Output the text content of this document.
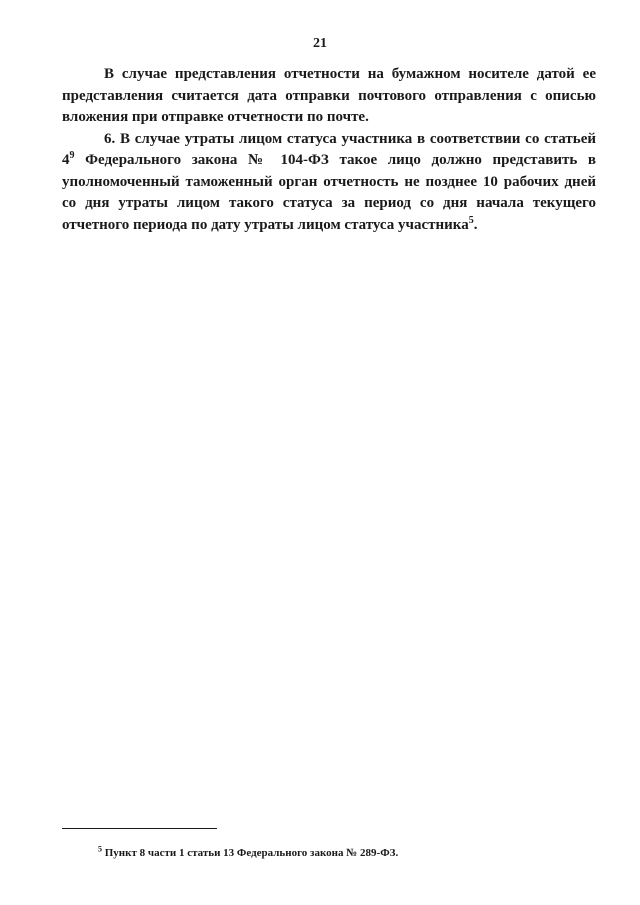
21

В случае представления отчетности на бумажном носителе датой ее представления считается дата отправки почтового отправления с описью вложения при отправке отчетности по почте.

6. В случае утраты лицом статуса участника в соответствии со статьей $4^9$ Федерального закона № 104-ФЗ такое лицо должно представить в уполномоченный таможенный орган отчетность не позднее 10 рабочих дней со дня утраты лицом такого статуса за период со дня начала текущего отчетного периода по дату утраты лицом статуса участника$^5$.

$^5$ Пункт 8 части 1 статьи 13 Федерального закона № 289-ФЗ.
